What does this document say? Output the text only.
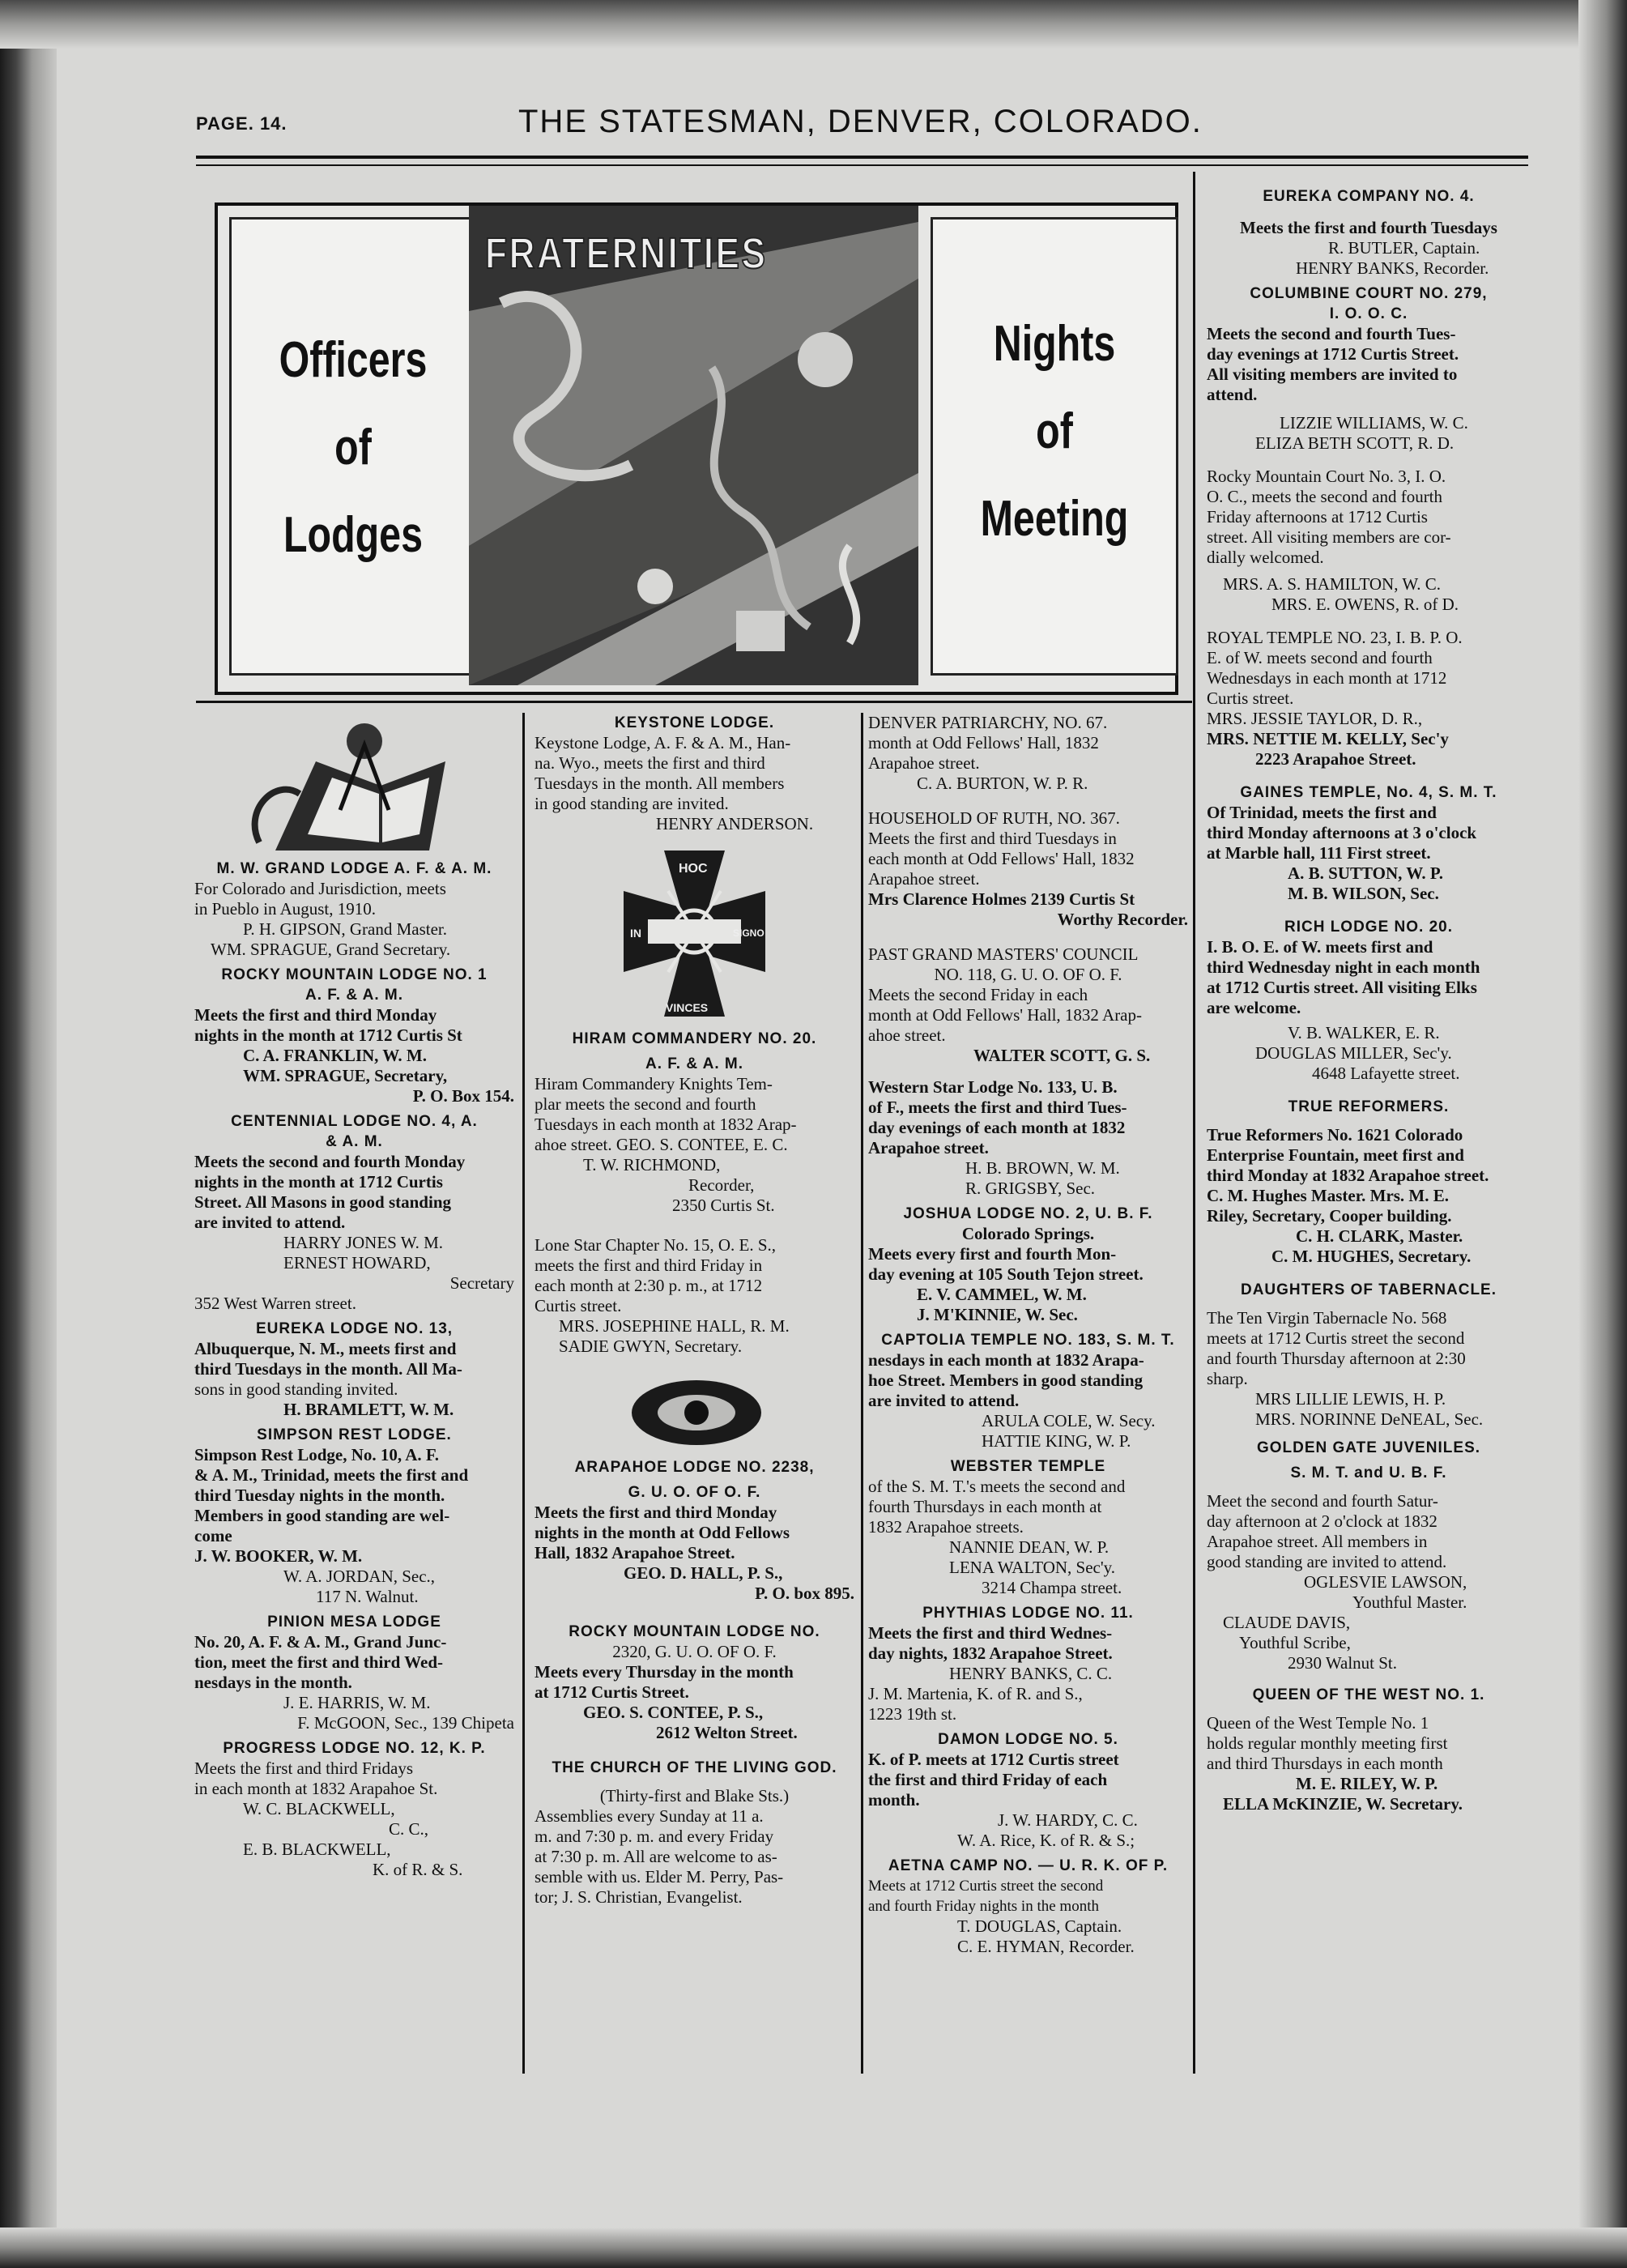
PAGE. 14.	THE STATESMAN, DENVER, COLORADO.
Officers
of
Lodges
FRATERNITIES
Nights
of
Meeting

M. W. GRAND LODGE A. F. & A. M.

For Colorado and Jurisdiction, meets

in Pueblo in August, 1910.

P. H. GIPSON, Grand Master.

WM. SPRAGUE, Grand Secretary.

ROCKY MOUNTAIN LODGE NO. 1

A. F. & A. M.

Meets the first and third Monday

nights in the month at 1712 Curtis St

C. A. FRANKLIN, W. M.

WM. SPRAGUE, Secretary,

P. O. Box 154.

CENTENNIAL LODGE NO. 4, A.

& A. M.

Meets the second and fourth Monday

nights in the month at 1712 Curtis

Street. All Masons in good standing

are invited to attend.

HARRY JONES W. M.

ERNEST HOWARD,

Secretary

352 West Warren street.

EUREKA LODGE NO. 13,

Albuquerque, N. M., meets first and

third Tuesdays in the month. All Ma-

sons in good standing invited.

H. BRAMLETT, W. M.

SIMPSON REST LODGE.

Simpson Rest Lodge, No. 10, A. F.

& A. M., Trinidad, meets the first and

third Tuesday nights in the month.

Members in good standing are wel-

come

J. W. BOOKER, W. M.

W. A. JORDAN, Sec.,

117 N. Walnut.

PINION MESA LODGE

No. 20, A. F. & A. M., Grand Junc-

tion, meet the first and third Wed-

nesdays in the month.

J. E. HARRIS, W. M.

F. McGOON, Sec., 139 Chipeta

PROGRESS LODGE NO. 12, K. P.

Meets the first and third Fridays

in each month at 1832 Arapahoe St.

W. C. BLACKWELL,

C. C.,

E. B. BLACKWELL,

K. of R. & S.

KEYSTONE LODGE.

Keystone Lodge, A. F. & A. M., Han-

na. Wyo., meets the first and third

Tuesdays in the month. All members

in good standing are invited.

HENRY ANDERSON.

HOC
IN	SIGNO
VINCES

HIRAM COMMANDERY NO. 20.

A. F. & A. M.

Hiram Commandery Knights Tem-

plar meets the second and fourth

Tuesdays in each month at 1832 Arap-

ahoe street. GEO. S. CONTEE, E. C.

T. W. RICHMOND,

Recorder,

2350 Curtis St.

Lone Star Chapter No. 15, O. E. S.,

meets the first and third Friday in

each month at 2:30 p. m., at 1712

Curtis street.

MRS. JOSEPHINE HALL, R. M.

SADIE GWYN, Secretary.

ARAPAHOE LODGE NO. 2238,

G. U. O. OF O. F.

Meets the first and third Monday

nights in the month at Odd Fellows

Hall, 1832 Arapahoe Street.

GEO. D. HALL, P. S.,

P. O. box 895.

ROCKY MOUNTAIN LODGE NO.

2320, G. U. O. OF O. F.

Meets every Thursday in the month

at 1712 Curtis Street.

GEO. S. CONTEE, P. S.,

2612 Welton Street.

THE CHURCH OF THE LIVING GOD.

(Thirty-first and Blake Sts.)

Assemblies every Sunday at 11 a.

m. and 7:30 p. m. and every Friday

at 7:30 p. m. All are welcome to as-

semble with us. Elder M. Perry, Pas-

tor; J. S. Christian, Evangelist.

DENVER PATRIARCHY, NO. 67.

month at Odd Fellows' Hall, 1832

Arapahoe street.

C. A. BURTON, W. P. R.

HOUSEHOLD OF RUTH, NO. 367.

Meets the first and third Tuesdays in

each month at Odd Fellows' Hall, 1832

Arapahoe street.

Mrs Clarence Holmes 2139 Curtis St

Worthy Recorder.

PAST GRAND MASTERS' COUNCIL

NO. 118, G. U. O. OF O. F.

Meets the second Friday in each

month at Odd Fellows' Hall, 1832 Arap-

ahoe street.

WALTER SCOTT, G. S.

Western Star Lodge No. 133, U. B.

of F., meets the first and third Tues-

day evenings of each month at 1832

Arapahoe street.

H. B. BROWN, W. M.

R. GRIGSBY, Sec.

JOSHUA LODGE NO. 2, U. B. F.

Colorado Springs.

Meets every first and fourth Mon-

day evening at 105 South Tejon street.

E. V. CAMMEL, W. M.

J. M'KINNIE, W. Sec.

CAPTOLIA TEMPLE NO. 183, S. M. T.

nesdays in each month at 1832 Arapa-

hoe Street. Members in good standing

are invited to attend.

ARULA COLE, W. Secy.

HATTIE KING, W. P.

WEBSTER TEMPLE

of the S. M. T.'s meets the second and

fourth Thursdays in each month at

1832 Arapahoe streets.

NANNIE DEAN, W. P.

LENA WALTON, Sec'y.

3214 Champa street.

PHYTHIAS LODGE NO. 11.

Meets the first and third Wednes-

day nights, 1832 Arapahoe Street.

HENRY BANKS, C. C.

J. M. Martenia, K. of R. and S.,

1223 19th st.

DAMON LODGE NO. 5.

K. of P. meets at 1712 Curtis street

the first and third Friday of each

month.

J. W. HARDY, C. C.

W. A. Rice, K. of R. & S.;

AETNA CAMP NO. — U. R. K. OF P.

Meets at 1712 Curtis street the second

and fourth Friday nights in the month

T. DOUGLAS, Captain.

C. E. HYMAN, Recorder.

EUREKA COMPANY NO. 4.

Meets the first and fourth Tuesdays

R. BUTLER, Captain.

HENRY BANKS, Recorder.

COLUMBINE COURT NO. 279,

I. O. O. C.

Meets the second and fourth Tues-

day evenings at 1712 Curtis Street.

All visiting members are invited to

attend.

LIZZIE WILLIAMS, W. C.

ELIZA BETH SCOTT, R. D.

Rocky Mountain Court No. 3, I. O.

O. C., meets the second and fourth

Friday afternoons at 1712 Curtis

street. All visiting members are cor-

dially welcomed.

MRS. A. S. HAMILTON, W. C.

MRS. E. OWENS, R. of D.

ROYAL TEMPLE NO. 23, I. B. P. O.

E. of W. meets second and fourth

Wednesdays in each month at 1712

Curtis street.

MRS. JESSIE TAYLOR, D. R.,

MRS. NETTIE M. KELLY, Sec'y

2223 Arapahoe Street.

GAINES TEMPLE, No. 4, S. M. T.

Of Trinidad, meets the first and

third Monday afternoons at 3 o'clock

at Marble hall, 111 First street.

A. B. SUTTON, W. P.

M. B. WILSON, Sec.

RICH LODGE NO. 20.

I. B. O. E. of W. meets first and

third Wednesday night in each month

at 1712 Curtis street. All visiting Elks

are welcome.

V. B. WALKER, E. R.

DOUGLAS MILLER, Sec'y.

4648 Lafayette street.

TRUE REFORMERS.

True Reformers No. 1621 Colorado

Enterprise Fountain, meet first and

third Monday at 1832 Arapahoe street.

C. M. Hughes Master. Mrs. M. E.

Riley, Secretary, Cooper building.

C. H. CLARK, Master.

C. M. HUGHES, Secretary.

DAUGHTERS OF TABERNACLE.

The Ten Virgin Tabernacle No. 568

meets at 1712 Curtis street the second

and fourth Thursday afternoon at 2:30

sharp.

MRS LILLIE LEWIS, H. P.

MRS. NORINNE DeNEAL, Sec.

GOLDEN GATE JUVENILES.

S. M. T. and U. B. F.

Meet the second and fourth Satur-

day afternoon at 2 o'clock at 1832

Arapahoe street. All members in

good standing are invited to attend.

OGLESVIE LAWSON,

Youthful Master.

CLAUDE DAVIS,

Youthful Scribe,

2930 Walnut St.

QUEEN OF THE WEST NO. 1.

Queen of the West Temple No. 1

holds regular monthly meeting first

and third Thursdays in each month

M. E. RILEY, W. P.

ELLA McKINZIE, W. Secretary.
